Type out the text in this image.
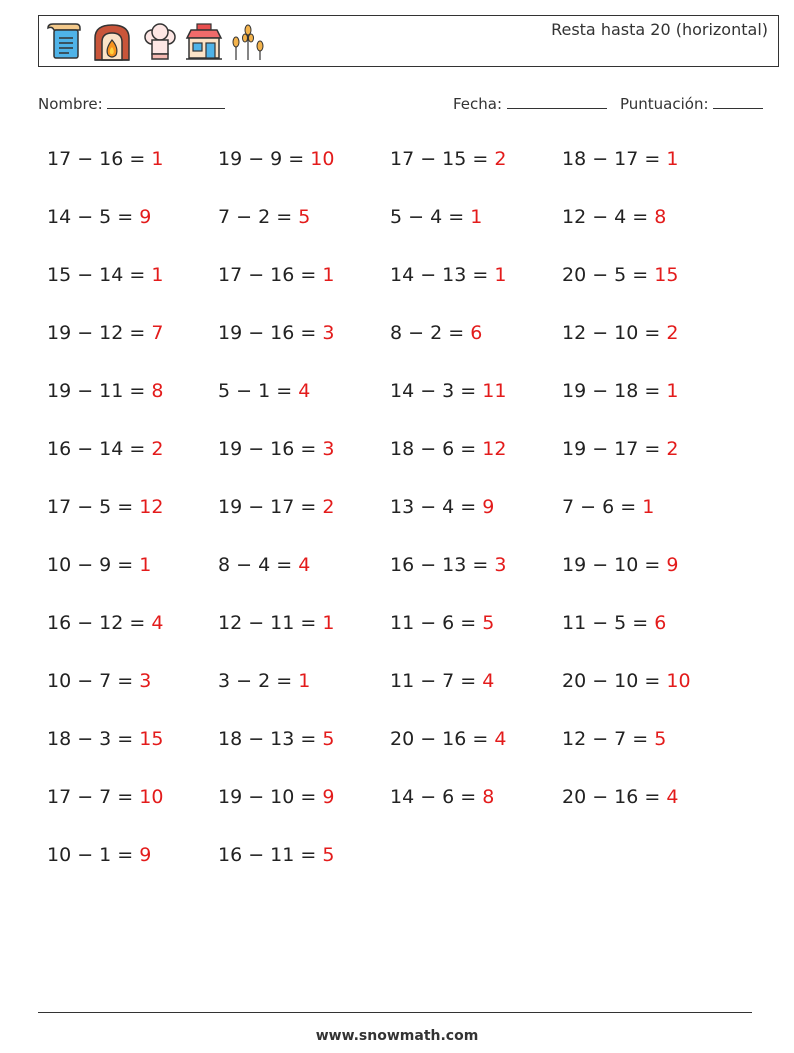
Resta hasta 20 (horizontal)
Nombre:	Fecha:	Puntuación:
17 − 16 = 1	19 − 9 = 10	17 − 15 = 2	18 − 17 = 1
14 − 5 = 9	7 − 2 = 5	5 − 4 = 1	12 − 4 = 8
15 − 14 = 1	17 − 16 = 1	14 − 13 = 1	20 − 5 = 15
19 − 12 = 7	19 − 16 = 3	8 − 2 = 6	12 − 10 = 2
19 − 11 = 8	5 − 1 = 4	14 − 3 = 11	19 − 18 = 1
16 − 14 = 2	19 − 16 = 3	18 − 6 = 12	19 − 17 = 2
17 − 5 = 12	19 − 17 = 2	13 − 4 = 9	7 − 6 = 1
10 − 9 = 1	8 − 4 = 4	16 − 13 = 3	19 − 10 = 9
16 − 12 = 4	12 − 11 = 1	11 − 6 = 5	11 − 5 = 6
10 − 7 = 3	3 − 2 = 1	11 − 7 = 4	20 − 10 = 10
18 − 3 = 15	18 − 13 = 5	20 − 16 = 4	12 − 7 = 5
17 − 7 = 10	19 − 10 = 9	14 − 6 = 8	20 − 16 = 4
10 − 1 = 9	16 − 11 = 5
www.snowmath.com
